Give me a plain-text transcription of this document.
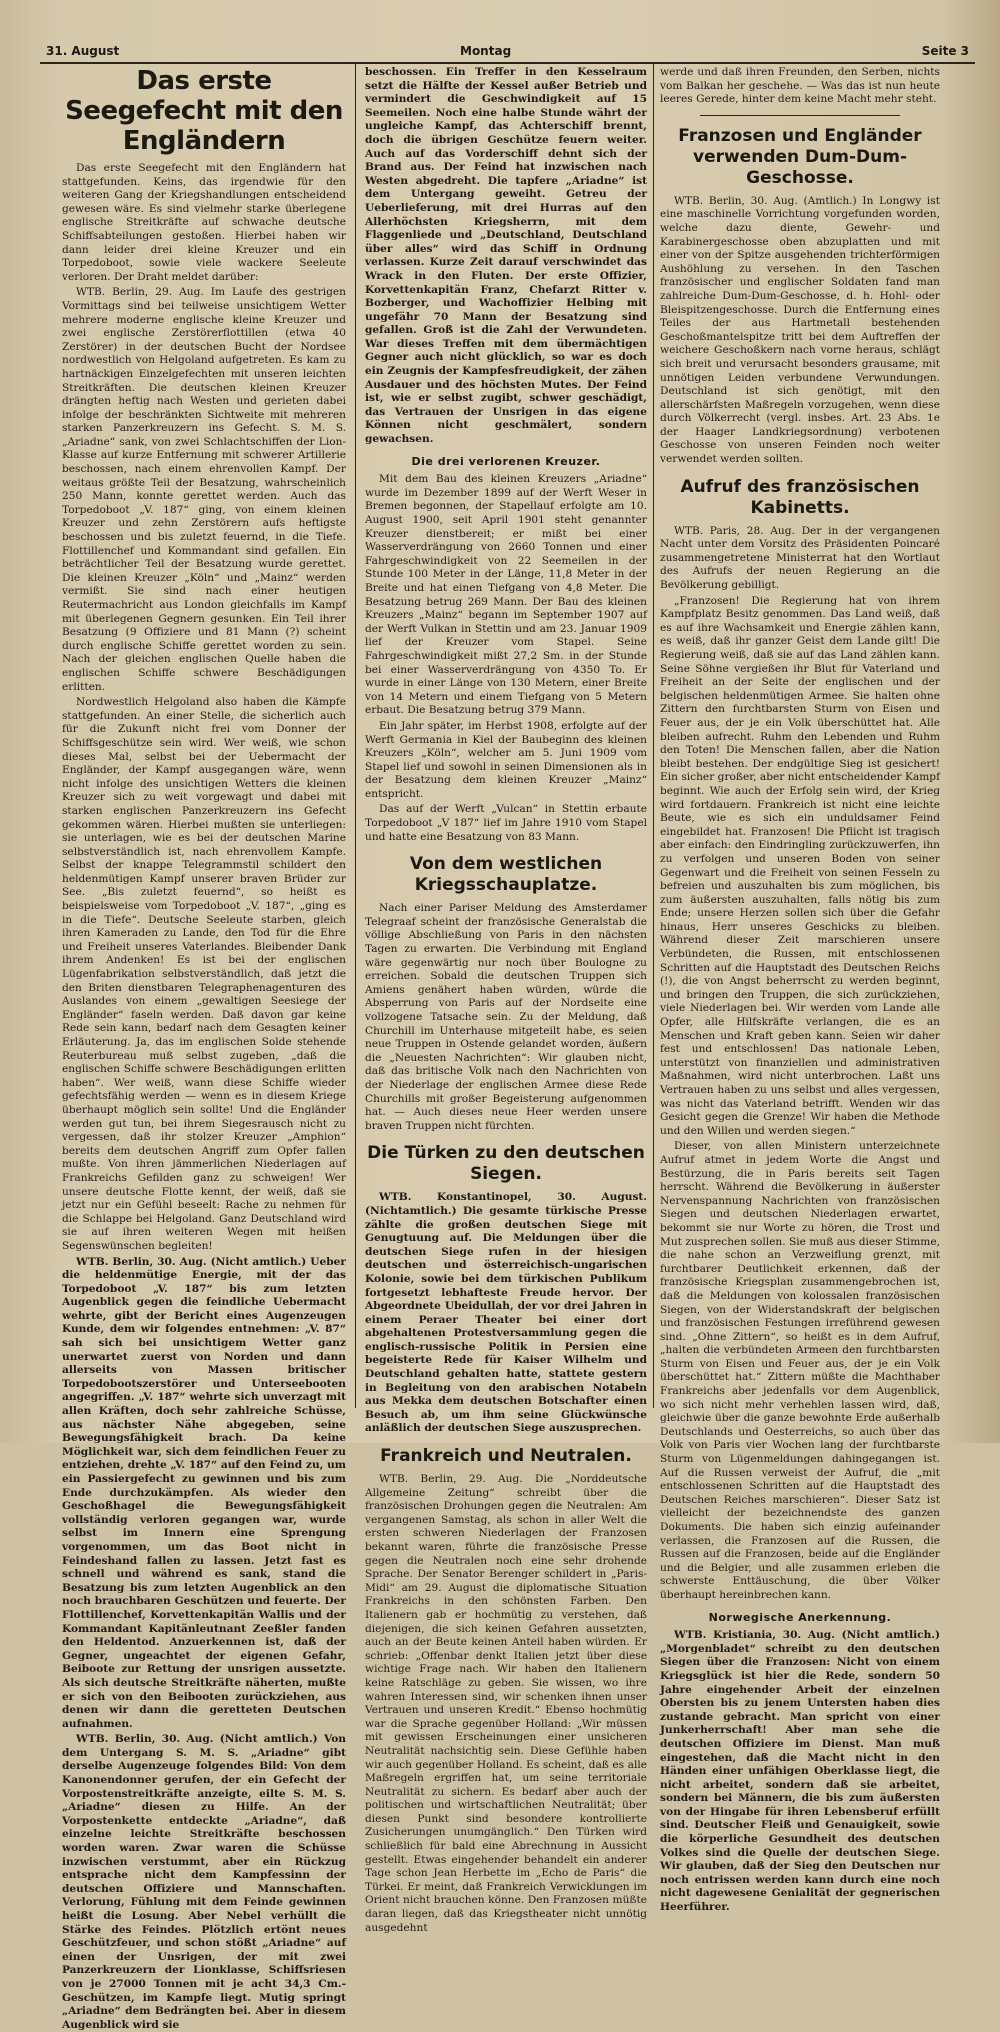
31. August	Montag	Seite 3
Das erste Seegefecht mit den Engländern

Das erste Seegefecht mit den Engländern hat stattgefunden. Keins, das irgendwie für den weiteren Gang der Kriegshandlungen entscheidend gewesen wäre. Es sind vielmehr starke überlegene englische Streitkräfte auf schwache deutsche Schiffsabteilungen gestoßen. Hierbei haben wir dann leider drei kleine Kreuzer und ein Torpedoboot, sowie viele wackere Seeleute verloren. Der Draht meldet darüber:

WTB. Berlin, 29. Aug. Im Laufe des gestrigen Vormittags sind bei teilweise unsichtigem Wetter mehrere moderne englische kleine Kreuzer und zwei englische Zerstörerflottillen (etwa 40 Zerstörer) in der deutschen Bucht der Nordsee nordwestlich von Helgoland aufgetreten. Es kam zu hartnäckigen Einzelgefechten mit unseren leichten Streitkräften. Die deutschen kleinen Kreuzer drängten heftig nach Westen und gerieten dabei infolge der beschränkten Sichtweite mit mehreren starken Panzerkreuzern ins Gefecht. S. M. S. „Ariadne“ sank, von zwei Schlachtschiffen der Lion-Klasse auf kurze Entfernung mit schwerer Artillerie beschossen, nach einem ehrenvollen Kampf. Der weitaus größte Teil der Besatzung, wahrscheinlich 250 Mann, konnte gerettet werden. Auch das Torpedoboot „V. 187“ ging, von einem kleinen Kreuzer und zehn Zerstörern aufs heftigste beschossen und bis zuletzt feuernd, in die Tiefe. Flottillenchef und Kommandant sind gefallen. Ein beträchtlicher Teil der Besatzung wurde gerettet. Die kleinen Kreuzer „Köln“ und „Mainz“ werden vermißt. Sie sind nach einer heutigen Reutermachricht aus London gleichfalls im Kampf mit überlegenen Gegnern gesunken. Ein Teil ihrer Besatzung (9 Offiziere und 81 Mann (?) scheint durch englische Schiffe gerettet worden zu sein. Nach der gleichen englischen Quelle haben die englischen Schiffe schwere Beschädigungen erlitten.

Nordwestlich Helgoland also haben die Kämpfe stattgefunden. An einer Stelle, die sicherlich auch für die Zukunft nicht frei vom Donner der Schiffsgeschütze sein wird. Wer weiß, wie schon dieses Mal, selbst bei der Uebermacht der Engländer, der Kampf ausgegangen wäre, wenn nicht infolge des unsichtigen Wetters die kleinen Kreuzer sich zu weit vorgewagt und dabei mit starken englischen Panzerkreuzern ins Gefecht gekommen wären. Hierbei mußten sie unterliegen: sie unterlagen, wie es bei der deutschen Marine selbstverständlich ist, nach ehrenvollem Kampfe. Selbst der knappe Telegrammstil schildert den heldenmütigen Kampf unserer braven Brüder zur See. „Bis zuletzt feuernd“, so heißt es beispielsweise vom Torpedoboot „V. 187“, „ging es in die Tiefe“. Deutsche Seeleute starben, gleich ihren Kameraden zu Lande, den Tod für die Ehre und Freiheit unseres Vaterlandes. Bleibender Dank ihrem Andenken! Es ist bei der englischen Lügenfabrikation selbstverständlich, daß jetzt die den Briten dienstbaren Telegraphenagenturen des Auslandes von einem „gewaltigen Seesiege der Engländer“ faseln werden. Daß davon gar keine Rede sein kann, bedarf nach dem Gesagten keiner Erläuterung. Ja, das im englischen Solde stehende Reuterbureau muß selbst zugeben, „daß die englischen Schiffe schwere Beschädigungen erlitten haben“. Wer weiß, wann diese Schiffe wieder gefechtsfähig werden — wenn es in diesem Kriege überhaupt möglich sein sollte! Und die Engländer werden gut tun, bei ihrem Siegesrausch nicht zu vergessen, daß ihr stolzer Kreuzer „Amphion“ bereits dem deutschen Angriff zum Opfer fallen mußte. Von ihren jämmerlichen Niederlagen auf Frankreichs Gefilden ganz zu schweigen! Wer unsere deutsche Flotte kennt, der weiß, daß sie jetzt nur ein Gefühl beseelt: Rache zu nehmen für die Schlappe bei Helgoland. Ganz Deutschland wird sie auf ihren weiteren Wegen mit heißen Segenswünschen begleiten!

WTB. Berlin, 30. Aug. (Nicht amtlich.) Ueber die heldenmütige Energie, mit der das Torpedoboot „V. 187“ bis zum letzten Augenblick gegen die feindliche Uebermacht wehrte, gibt der Bericht eines Augenzeugen Kunde, dem wir folgendes entnehmen: „V. 87“ sah sich bei unsichtigem Wetter ganz unerwartet zuerst von Norden und dann allerseits von Massen britischer Torpedobootszerstörer und Unterseebooten angegriffen. „V. 187“ wehrte sich unverzagt mit allen Kräften, doch sehr zahlreiche Schüsse, aus nächster Nähe abgegeben, seine Bewegungsfähigkeit brach. Da keine Möglichkeit war, sich dem feindlichen Feuer zu entziehen, drehte „V. 187“ auf den Feind zu, um ein Passiergefecht zu gewinnen und bis zum Ende durchzukämpfen. Als wieder den Geschoßhagel die Bewegungsfähigkeit vollständig verloren gegangen war, wurde selbst im Innern eine Sprengung vorgenommen, um das Boot nicht in Feindeshand fallen zu lassen. Jetzt fast es schnell und während es sank, stand die Besatzung bis zum letzten Augenblick an den noch brauchbaren Geschützen und feuerte. Der Flottillenchef, Korvettenkapitän Wallis und der Kommandant Kapitänleutnant Zeeßler fanden den Heldentod. Anzuerkennen ist, daß der Gegner, ungeachtet der eigenen Gefahr, Beiboote zur Rettung der unsrigen aussetzte. Als sich deutsche Streitkräfte näherten, mußte er sich von den Beibooten zurückziehen, aus denen wir dann die geretteten Deutschen aufnahmen.

WTB. Berlin, 30. Aug. (Nicht amtlich.) Von dem Untergang S. M. S. „Ariadne“ gibt derselbe Augenzeuge folgendes Bild: Von dem Kanonendonner gerufen, der ein Gefecht der Vorpostenstreitkräfte anzeigte, eilte S. M. S. „Ariadne“ diesen zu Hilfe. An der Vorpostenkette entdeckte „Ariadne“, daß einzelne leichte Streitkräfte beschossen worden waren. Zwar waren die Schüsse inzwischen verstummt, aber ein Rückzug entsprache nicht dem Kampfessinn der deutschen Offiziere und Mannschaften. Verlorung, Fühlung mit dem Feinde gewinnen heißt die Losung. Aber Nebel verhüllt die Stärke des Feindes. Plötzlich ertönt neues Geschützfeuer, und schon stößt „Ariadne“ auf einen der Unsrigen, der mit zwei Panzerkreuzern der Lionklasse, Schiffsriesen von je 27000 Tonnen mit je acht 34,3 Cm.-Geschützen, im Kampfe liegt. Mutig springt „Ariadne“ dem Bedrängten bei. Aber in diesem Augenblick wird sie

beschossen. Ein Treffer in den Kesselraum setzt die Hälfte der Kessel außer Betrieb und vermindert die Geschwindigkeit auf 15 Seemeilen. Noch eine halbe Stunde währt der ungleiche Kampf, das Achterschiff brennt, doch die übrigen Geschütze feuern weiter. Auch auf das Vorderschiff dehnt sich der Brand aus. Der Feind hat inzwischen nach Westen abgedreht. Die tapfere „Ariadne“ ist dem Untergang geweiht. Getreu der Ueberlieferung, mit drei Hurras auf den Allerhöchsten Kriegsherrn, mit dem Flaggenliede und „Deutschland, Deutschland über alles“ wird das Schiff in Ordnung verlassen. Kurze Zeit darauf verschwindet das Wrack in den Fluten. Der erste Offizier, Korvettenkapitän Franz, Chefarzt Ritter v. Bozberger, und Wachoffizier Helbing mit ungefähr 70 Mann der Besatzung sind gefallen. Groß ist die Zahl der Verwundeten. War dieses Treffen mit dem übermächtigen Gegner auch nicht glücklich, so war es doch ein Zeugnis der Kampfesfreudigkeit, der zähen Ausdauer und des höchsten Mutes. Der Feind ist, wie er selbst zugibt, schwer geschädigt, das Vertrauen der Unsrigen in das eigene Können nicht geschmälert, sondern gewachsen.

Die drei verlorenen Kreuzer.

Mit dem Bau des kleinen Kreuzers „Ariadne“ wurde im Dezember 1899 auf der Werft Weser in Bremen begonnen, der Stapellauf erfolgte am 10. August 1900, seit April 1901 steht genannter Kreuzer dienstbereit; er mißt bei einer Wasserverdrängung von 2660 Tonnen und einer Fahrgeschwindigkeit von 22 Seemeilen in der Stunde 100 Meter in der Länge, 11,8 Meter in der Breite und hat einen Tiefgang von 4,8 Meter. Die Besatzung betrug 269 Mann. Der Bau des kleinen Kreuzers „Mainz“ begann im September 1907 auf der Werft Vulkan in Stettin und am 23. Januar 1909 lief der Kreuzer vom Stapel. Seine Fahrgeschwindigkeit mißt 27,2 Sm. in der Stunde bei einer Wasserverdrängung von 4350 To. Er wurde in einer Länge von 130 Metern, einer Breite von 14 Metern und einem Tiefgang von 5 Metern erbaut. Die Besatzung betrug 379 Mann.

Ein Jahr später, im Herbst 1908, erfolgte auf der Werft Germania in Kiel der Baubeginn des kleinen Kreuzers „Köln“, welcher am 5. Juni 1909 vom Stapel lief und sowohl in seinen Dimensionen als in der Besatzung dem kleinen Kreuzer „Mainz“ entspricht.

Das auf der Werft „Vulcan“ in Stettin erbaute Torpedoboot „V 187“ lief im Jahre 1910 vom Stapel und hatte eine Besatzung von 83 Mann.

Von dem westlichen Kriegsschauplatze.

Nach einer Pariser Meldung des Amsterdamer Telegraaf scheint der französische Generalstab die völlige Abschließung von Paris in den nächsten Tagen zu erwarten. Die Verbindung mit England wäre gegenwärtig nur noch über Boulogne zu erreichen. Sobald die deutschen Truppen sich Amiens genähert haben würden, würde die Absperrung von Paris auf der Nordseite eine vollzogene Tatsache sein. Zu der Meldung, daß Churchill im Unterhause mitgeteilt habe, es seien neue Truppen in Ostende gelandet worden, äußern die „Neuesten Nachrichten“: Wir glauben nicht, daß das britische Volk nach den Nachrichten von der Niederlage der englischen Armee diese Rede Churchills mit großer Begeisterung aufgenommen hat. — Auch dieses neue Heer werden unsere braven Truppen nicht fürchten.

Die Türken zu den deutschen Siegen.

WTB. Konstantinopel, 30. August. (Nichtamtlich.) Die gesamte türkische Presse zählte die großen deutschen Siege mit Genugtuung auf. Die Meldungen über die deutschen Siege rufen in der hiesigen deutschen und österreichisch-ungarischen Kolonie, sowie bei dem türkischen Publikum fortgesetzt lebhafteste Freude hervor. Der Abgeordnete Ubeidullah, der vor drei Jahren in einem Peraer Theater bei einer dort abgehaltenen Protestversammlung gegen die englisch-russische Politik in Persien eine begeisterte Rede für Kaiser Wilhelm und Deutschland gehalten hatte, stattete gestern in Begleitung von den arabischen Notabeln aus Mekka dem deutschen Botschafter einen Besuch ab, um ihm seine Glückwünsche anläßlich der deutschen Siege auszusprechen.

Frankreich und Neutralen.

WTB. Berlin, 29. Aug. Die „Norddeutsche Allgemeine Zeitung“ schreibt über die französischen Drohungen gegen die Neutralen: Am vergangenen Samstag, als schon in aller Welt die ersten schweren Niederlagen der Franzosen bekannt waren, führte die französische Presse gegen die Neutralen noch eine sehr drohende Sprache. Der Senator Berenger schildert in „Paris-Midi“ am 29. August die diplomatische Situation Frankreichs in den schönsten Farben. Den Italienern gab er hochmütig zu verstehen, daß diejenigen, die sich keinen Gefahren aussetzten, auch an der Beute keinen Anteil haben würden. Er schrieb: „Offenbar denkt Italien jetzt über diese wichtige Frage nach. Wir haben den Italienern keine Ratschläge zu geben. Sie wissen, wo ihre wahren Interessen sind, wir schenken ihnen unser Vertrauen und unseren Kredit.“ Ebenso hochmütig war die Sprache gegenüber Holland: „Wir müssen mit gewissen Erscheinungen einer unsicheren Neutralität nachsichtig sein. Diese Gefühle haben wir auch gegenüber Holland. Es scheint, daß es alle Maßregeln ergriffen hat, um seine territoriale Neutralität zu sichern. Es bedarf aber auch der politischen und wirtschaftlichen Neutralität; über diesen Punkt sind besondere kontrollierte Zusicherungen unumgänglich.“ Den Türken wird schließlich für bald eine Abrechnung in Aussicht gestellt. Etwas eingehender behandelt ein anderer Tage schon Jean Herbette im „Echo de Paris“ die Türkei. Er meint, daß Frankreich Verwicklungen im Orient nicht brauchen könne. Den Franzosen müßte daran liegen, daß das Kriegstheater nicht unnötig ausgedehnt

werde und daß ihren Freunden, den Serben, nichts vom Balkan her geschehe. — Was das ist nun heute leeres Gerede, hinter dem keine Macht mehr steht.

Franzosen und Engländer verwenden Dum-Dum-Geschosse.

WTB. Berlin, 30. Aug. (Amtlich.) In Longwy ist eine maschinelle Vorrichtung vorgefunden worden, welche dazu diente, Gewehr- und Karabinergeschosse oben abzuplatten und mit einer von der Spitze ausgehenden trichterförmigen Aushöhlung zu versehen. In den Taschen französischer und englischer Soldaten fand man zahlreiche Dum-Dum-Geschosse, d. h. Hohl- oder Bleispitzengeschosse. Durch die Entfernung eines Teiles der aus Hartmetall bestehenden Geschoßmantelspitze tritt bei dem Auftreffen der weichere Geschoßkern nach vorne heraus, schlägt sich breit und verursacht besonders grausame, mit unnötigen Leiden verbundene Verwundungen. Deutschland ist sich genötigt, mit den allerschärfsten Maßregeln vorzugehen, wenn diese durch Völkerrecht (vergl. insbes. Art. 23 Abs. 1e der Haager Landkriegsordnung) verbotenen Geschosse von unseren Feinden noch weiter verwendet werden sollten.

Aufruf des französischen Kabinetts.

WTB. Paris, 28. Aug. Der in der vergangenen Nacht unter dem Vorsitz des Präsidenten Poincaré zusammengetretene Ministerrat hat den Wortlaut des Aufrufs der neuen Regierung an die Bevölkerung gebilligt.

„Franzosen! Die Regierung hat von ihrem Kampfplatz Besitz genommen. Das Land weiß, daß es auf ihre Wachsamkeit und Energie zählen kann, es weiß, daß ihr ganzer Geist dem Lande gilt! Die Regierung weiß, daß sie auf das Land zählen kann. Seine Söhne vergießen ihr Blut für Vaterland und Freiheit an der Seite der englischen und der belgischen heldenmütigen Armee. Sie halten ohne Zittern den furchtbarsten Sturm von Eisen und Feuer aus, der je ein Volk überschüttet hat. Alle bleiben aufrecht. Ruhm den Lebenden und Ruhm den Toten! Die Menschen fallen, aber die Nation bleibt bestehen. Der endgültige Sieg ist gesichert! Ein sicher großer, aber nicht entscheidender Kampf beginnt. Wie auch der Erfolg sein wird, der Krieg wird fortdauern. Frankreich ist nicht eine leichte Beute, wie es sich ein unduldsamer Feind eingebildet hat. Franzosen! Die Pflicht ist tragisch aber einfach: den Eindringling zurückzuwerfen, ihn zu verfolgen und unseren Boden von seiner Gegenwart und die Freiheit von seinen Fesseln zu befreien und auszuhalten bis zum möglichen, bis zum äußersten auszuhalten, falls nötig bis zum Ende; unsere Herzen sollen sich über die Gefahr hinaus, Herr unseres Geschicks zu bleiben. Während dieser Zeit marschieren unsere Verbündeten, die Russen, mit entschlossenen Schritten auf die Hauptstadt des Deutschen Reichs (!), die von Angst beherrscht zu werden beginnt, und bringen den Truppen, die sich zurückziehen, viele Niederlagen bei. Wir werden vom Lande alle Opfer, alle Hilfskräfte verlangen, die es an Menschen und Kraft geben kann. Seien wir daher fest und entschlossen! Das nationale Leben, unterstützt von finanziellen und administrativen Maßnahmen, wird nicht unterbrochen. Laßt uns Vertrauen haben zu uns selbst und alles vergessen, was nicht das Vaterland betrifft. Wenden wir das Gesicht gegen die Grenze! Wir haben die Methode und den Willen und werden siegen.“

Dieser, von allen Ministern unterzeichnete Aufruf atmet in jedem Worte die Angst und Bestürzung, die in Paris bereits seit Tagen herrscht. Während die Bevölkerung in äußerster Nervenspannung Nachrichten von französischen Siegen und deutschen Niederlagen erwartet, bekommt sie nur Worte zu hören, die Trost und Mut zusprechen sollen. Sie muß aus dieser Stimme, die nahe schon an Verzweiflung grenzt, mit furchtbarer Deutlichkeit erkennen, daß der französische Kriegsplan zusammengebrochen ist, daß die Meldungen von kolossalen französischen Siegen, von der Widerstandskraft der belgischen und französischen Festungen irreführend gewesen sind. „Ohne Zittern“, so heißt es in dem Aufruf, „halten die verbündeten Armeen den furchtbarsten Sturm von Eisen und Feuer aus, der je ein Volk überschüttet hat.“ Zittern müßte die Machthaber Frankreichs aber jedenfalls vor dem Augenblick, wo sich nicht mehr verhehlen lassen wird, daß, gleichwie über die ganze bewohnte Erde außerhalb Deutschlands und Oesterreichs, so auch über das Volk von Paris vier Wochen lang der furchtbarste Sturm von Lügenmeldungen dahingegangen ist. Auf die Russen verweist der Aufruf, die „mit entschlossenen Schritten auf die Hauptstadt des Deutschen Reiches marschieren“. Dieser Satz ist vielleicht der bezeichnendste des ganzen Dokuments. Die haben sich einzig aufeinander verlassen, die Franzosen auf die Russen, die Russen auf die Franzosen, beide auf die Engländer und die Belgier, und alle zusammen erleben die schwerste Enttäuschung, die über Völker überhaupt hereinbrechen kann.

Norwegische Anerkennung.

WTB. Kristiania, 30. Aug. (Nicht amtlich.) „Morgenbladet“ schreibt zu den deutschen Siegen über die Franzosen: Nicht von einem Kriegsglück ist hier die Rede, sondern 50 Jahre eingehender Arbeit der einzelnen Obersten bis zu jenem Untersten haben dies zustande gebracht. Man spricht von einer Junkerherrschaft! Aber man sehe die deutschen Offiziere im Dienst. Man muß eingestehen, daß die Macht nicht in den Händen einer unfähigen Oberklasse liegt, die nicht arbeitet, sondern daß sie arbeitet, sondern bei Männern, die bis zum äußersten von der Hingabe für ihren Lebensberuf erfüllt sind. Deutscher Fleiß und Genauigkeit, sowie die körperliche Gesundheit des deutschen Volkes sind die Quelle der deutschen Siege. Wir glauben, daß der Sieg den Deutschen nur noch entrissen werden kann durch eine noch nicht dagewesene Genialität der gegnerischen Heerführer.
